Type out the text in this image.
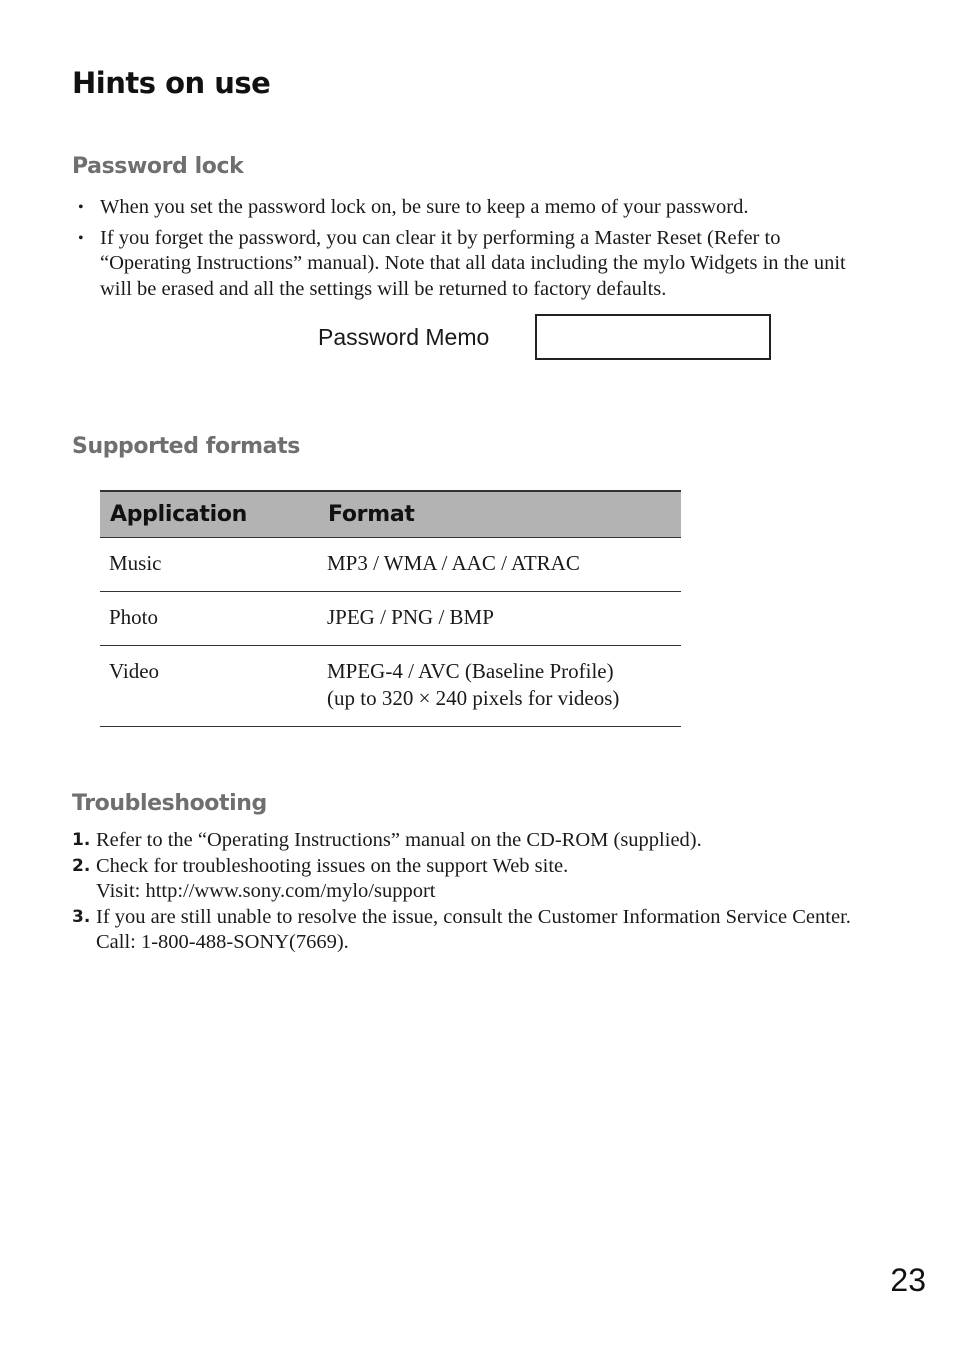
Hints on use
Password lock
• When you set the password lock on, be sure to keep a memo of your password.
• If you forget the password, you can clear it by performing a Master Reset (Refer to “Operating Instructions” manual). Note that all data including the mylo Widgets in the unit will be erased and all the settings will be returned to factory defaults.
Password Memo
Supported formats
Application	Format
Music	MP3 / WMA / AAC / ATRAC
Photo	JPEG / PNG / BMP
Video	MPEG-4 / AVC (Baseline Profile)
(up to 320 × 240 pixels for videos)
Troubleshooting
1. Refer to the “Operating Instructions” manual on the CD-ROM (supplied).
2. Check for troubleshooting issues on the support Web site.
Visit: http://www.sony.com/mylo/support
3. If you are still unable to resolve the issue, consult the Customer Information Service Center.
Call: 1-800-488-SONY(7669).
23
